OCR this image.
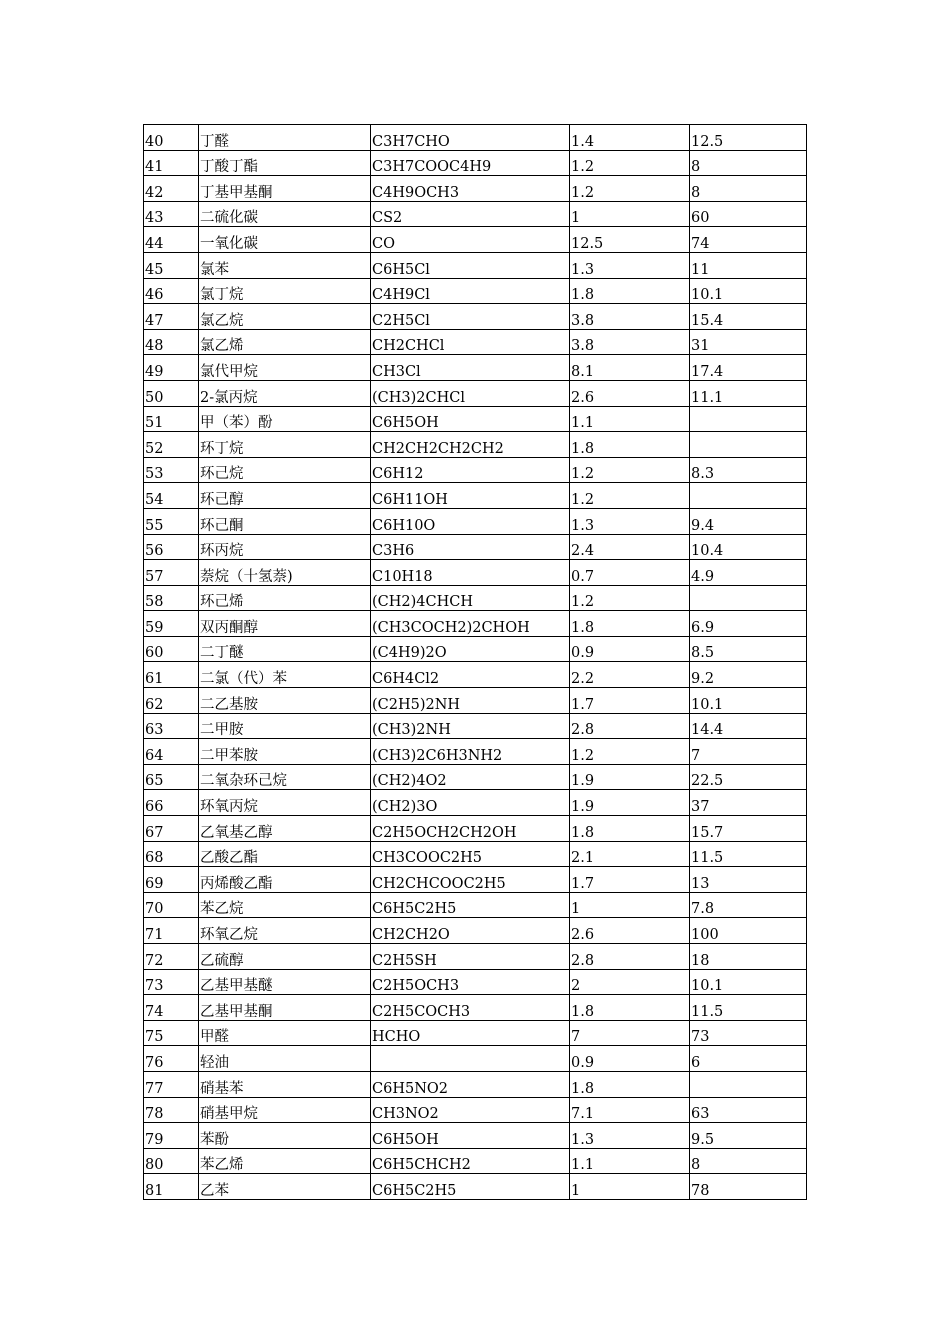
40	丁醛	C3H7CHO	1.4	12.5
41	丁酸丁酯	C3H7COOC4H9	1.2	8
42	丁基甲基酮	C4H9OCH3	1.2	8
43	二硫化碳	CS2	1	60
44	一氧化碳	CO	12.5	74
45	氯苯	C6H5Cl	1.3	11
46	氯丁烷	C4H9Cl	1.8	10.1
47	氯乙烷	C2H5Cl	3.8	15.4
48	氯乙烯	CH2CHCl	3.8	31
49	氯代甲烷	CH3Cl	8.1	17.4
50	2-氯丙烷	(CH3)2CHCl	2.6	11.1
51	甲（苯）酚	C6H5OH	1.1	
52	环丁烷	CH2CH2CH2CH2	1.8	
53	环己烷	C6H12	1.2	8.3
54	环己醇	C6H11OH	1.2	
55	环己酮	C6H10O	1.3	9.4
56	环丙烷	C3H6	2.4	10.4
57	萘烷（十氢萘)	C10H18	0.7	4.9
58	环己烯	(CH2)4CHCH	1.2	
59	双丙酮醇	(CH3COCH2)2CHOH	1.8	6.9
60	二丁醚	(C4H9)2O	0.9	8.5
61	二氯（代）苯	C6H4Cl2	2.2	9.2
62	二乙基胺	(C2H5)2NH	1.7	10.1
63	二甲胺	(CH3)2NH	2.8	14.4
64	二甲苯胺	(CH3)2C6H3NH2	1.2	7
65	二氧杂环己烷	(CH2)4O2	1.9	22.5
66	环氧丙烷	(CH2)3O	1.9	37
67	乙氧基乙醇	C2H5OCH2CH2OH	1.8	15.7
68	乙酸乙酯	CH3COOC2H5	2.1	11.5
69	丙烯酸乙酯	CH2CHCOOC2H5	1.7	13
70	苯乙烷	C6H5C2H5	1	7.8
71	环氧乙烷	CH2CH2O	2.6	100
72	乙硫醇	C2H5SH	2.8	18
73	乙基甲基醚	C2H5OCH3	2	10.1
74	乙基甲基酮	C2H5COCH3	1.8	11.5
75	甲醛	HCHO	7	73
76	轻油		0.9	6
77	硝基苯	C6H5NO2	1.8	
78	硝基甲烷	CH3NO2	7.1	63
79	苯酚	C6H5OH	1.3	9.5
80	苯乙烯	C6H5CHCH2	1.1	8
81	乙苯	C6H5C2H5	1	78
